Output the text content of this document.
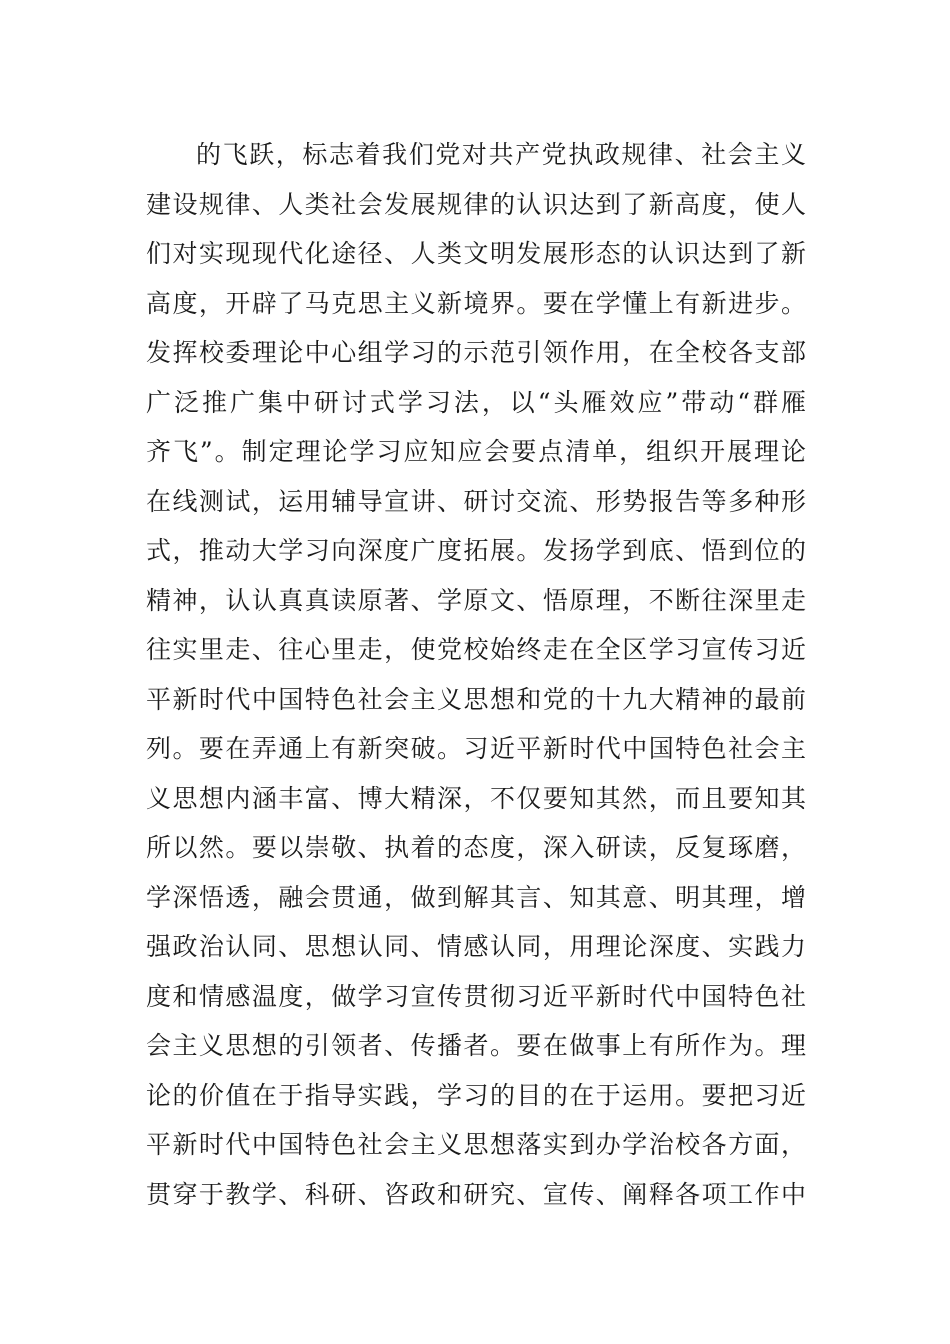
的飞跃，标志着我们党对共产党执政规律、社会主义
建设规律、人类社会发展规律的认识达到了新高度，使人
们对实现现代化途径、人类文明发展形态的认识达到了新
高度，开辟了马克思主义新境界。要在学懂上有新进步。
发挥校委理论中心组学习的示范引领作用，在全校各支部
广泛推广集中研讨式学习法，以“头雁效应”带动“群雁
齐飞”。制定理论学习应知应会要点清单，组织开展理论
在线测试，运用辅导宣讲、研讨交流、形势报告等多种形
式，推动大学习向深度广度拓展。发扬学到底、悟到位的
精神，认认真真读原著、学原文、悟原理，不断往深里走
往实里走、往心里走，使党校始终走在全区学习宣传习近
平新时代中国特色社会主义思想和党的十九大精神的最前
列。要在弄通上有新突破。习近平新时代中国特色社会主
义思想内涵丰富、博大精深，不仅要知其然，而且要知其
所以然。要以崇敬、执着的态度，深入研读，反复琢磨，
学深悟透，融会贯通，做到解其言、知其意、明其理，增
强政治认同、思想认同、情感认同，用理论深度、实践力
度和情感温度，做学习宣传贯彻习近平新时代中国特色社
会主义思想的引领者、传播者。要在做事上有所作为。理
论的价值在于指导实践，学习的目的在于运用。要把习近
平新时代中国特色社会主义思想落实到办学治校各方面，
贯穿于教学、科研、咨政和研究、宣传、阐释各项工作中
